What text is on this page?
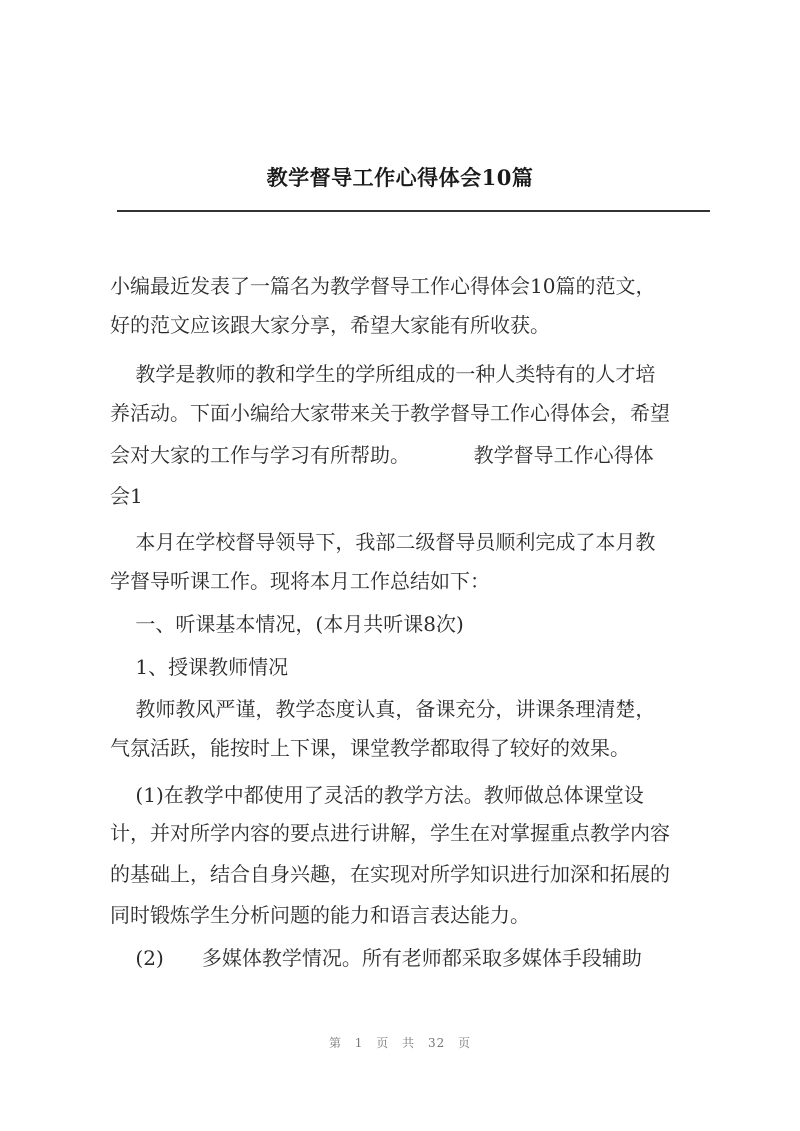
教学督导工作心得体会10篇
小编最近发表了一篇名为教学督导工作心得体会10篇的范文，
好的范文应该跟大家分享，希望大家能有所收获。
教学是教师的教和学生的学所组成的一种人类特有的人才培
养活动。下面小编给大家带来关于教学督导工作心得体会，希望
会对大家的工作与学习有所帮助。          教学督导工作心得体
会1
本月在学校督导领导下，我部二级督导员顺利完成了本月教
学督导听课工作。现将本月工作总结如下：
一、听课基本情况，(本月共听课8次)
1、授课教师情况
教师教风严谨，教学态度认真，备课充分，讲课条理清楚，
气氛活跃，能按时上下课，课堂教学都取得了较好的效果。
(1)在教学中都使用了灵活的教学方法。教师做总体课堂设
计，并对所学内容的要点进行讲解，学生在对掌握重点教学内容
的基础上，结合自身兴趣，在实现对所学知识进行加深和拓展的
同时锻炼学生分析问题的能力和语言表达能力。
(2)      多媒体教学情况。所有老师都采取多媒体手段辅助
第 1 页 共 32 页
